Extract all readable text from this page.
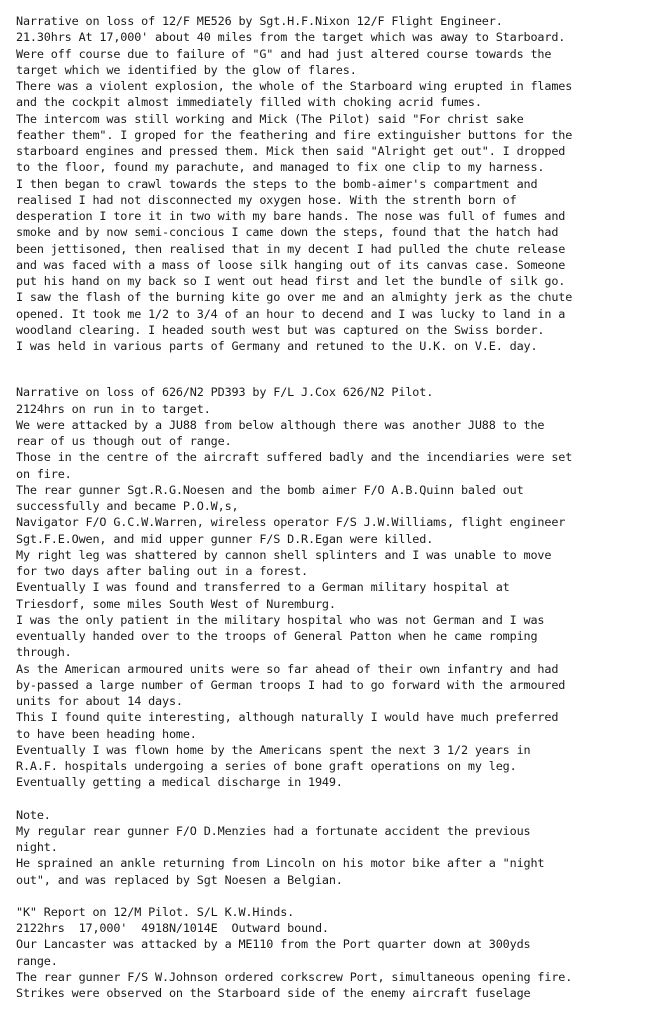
Narrative on loss of 12/F ME526 by Sgt.H.F.Nixon 12/F Flight Engineer.
21.30hrs At 17,000' about 40 miles from the target which was away to Starboard.
Were off course due to failure of "G" and had just altered course towards the
target which we identified by the glow of flares.
There was a violent explosion, the whole of the Starboard wing erupted in flames
and the cockpit almost immediately filled with choking acrid fumes.
The intercom was still working and Mick (The Pilot) said "For christ sake
feather them". I groped for the feathering and fire extinguisher buttons for the
starboard engines and pressed them. Mick then said "Alright get out". I dropped
to the floor, found my parachute, and managed to fix one clip to my harness.
I then began to crawl towards the steps to the bomb-aimer's compartment and
realised I had not disconnected my oxygen hose. With the strenth born of
desperation I tore it in two with my bare hands. The nose was full of fumes and
smoke and by now semi-concious I came down the steps, found that the hatch had
been jettisoned, then realised that in my decent I had pulled the chute release
and was faced with a mass of loose silk hanging out of its canvas case. Someone
put his hand on my back so I went out head first and let the bundle of silk go.
I saw the flash of the burning kite go over me and an almighty jerk as the chute
opened. It took me 1/2 to 3/4 of an hour to decend and I was lucky to land in a
woodland clearing. I headed south west but was captured on the Swiss border.
I was held in various parts of Germany and retuned to the U.K. on V.E. day.
Narrative on loss of 626/N2 PD393 by F/L J.Cox 626/N2 Pilot.
2124hrs on run in to target.
We were attacked by a JU88 from below although there was another JU88 to the
rear of us though out of range.
Those in the centre of the aircraft suffered badly and the incendiaries were set
on fire.
The rear gunner Sgt.R.G.Noesen and the bomb aimer F/O A.B.Quinn baled out
successfully and became P.O.W,s,
Navigator F/O G.C.W.Warren, wireless operator F/S J.W.Williams, flight engineer
Sgt.F.E.Owen, and mid upper gunner F/S D.R.Egan were killed.
My right leg was shattered by cannon shell splinters and I was unable to move
for two days after baling out in a forest.
Eventually I was found and transferred to a German military hospital at
Triesdorf, some miles South West of Nuremburg.
I was the only patient in the military hospital who was not German and I was
eventually handed over to the troops of General Patton when he came romping
through.
As the American armoured units were so far ahead of their own infantry and had
by-passed a large number of German troops I had to go forward with the armoured
units for about 14 days.
This I found quite interesting, although naturally I would have much preferred
to have been heading home.
Eventually I was flown home by the Americans spent the next 3 1/2 years in
R.A.F. hospitals undergoing a series of bone graft operations on my leg.
Eventually getting a medical discharge in 1949.
Note.
My regular rear gunner F/O D.Menzies had a fortunate accident the previous
night.
He sprained an ankle returning from Lincoln on his motor bike after a "night
out", and was replaced by Sgt Noesen a Belgian.
"K" Report on 12/M Pilot. S/L K.W.Hinds.
2122hrs  17,000'  4918N/1014E  Outward bound.
Our Lancaster was attacked by a ME110 from the Port quarter down at 300yds
range.
The rear gunner F/S W.Johnson ordered corkscrew Port, simultaneous opening fire.
Strikes were observed on the Starboard side of the enemy aircraft fuselage
